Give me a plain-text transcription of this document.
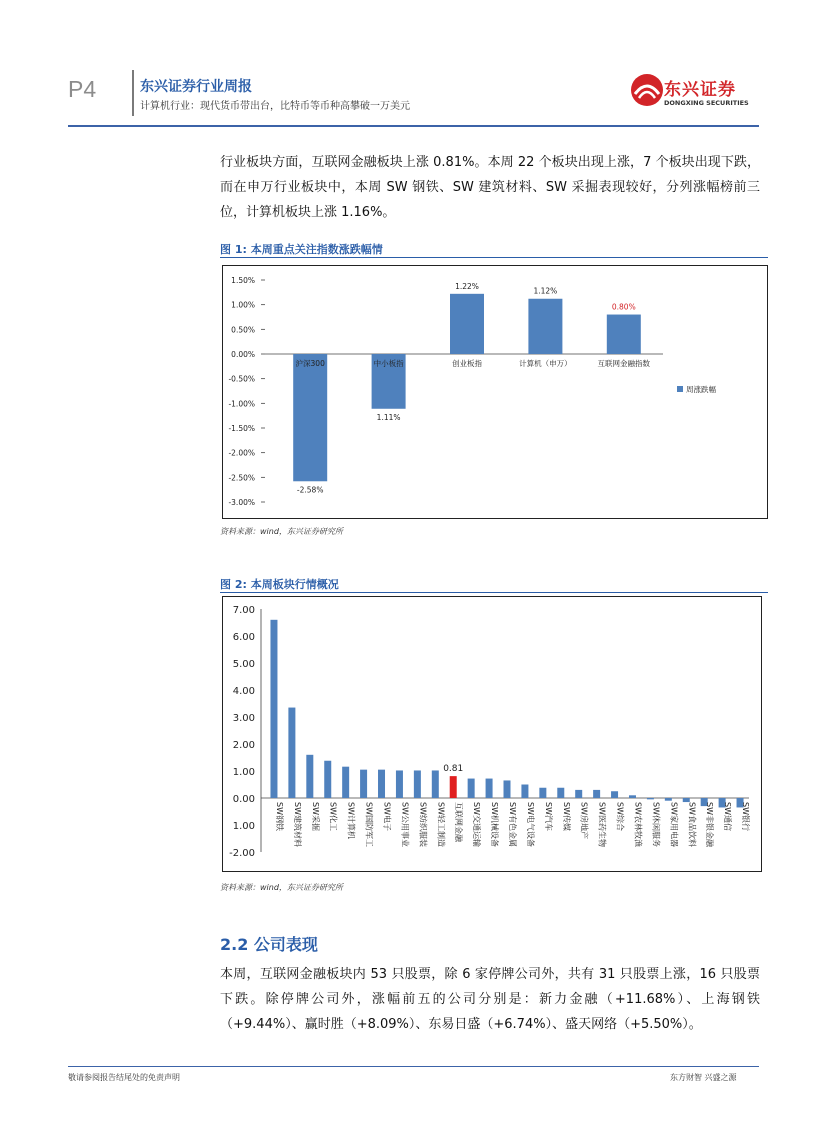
P4	东兴证券行业周报
计算机行业：现代货币带出台，比特币等币种高攀破一万美元
东兴证券
DONGXING SECURITIES
行业板块方面，互联网金融板块上涨 0.81%。本周 22 个板块出现上涨，7 个板块出现下跌，而在申万行业板块中，本周 SW 钢铁、SW 建筑材料、SW 采掘表现较好，分列涨幅榜前三位，计算机板块上涨 1.16%。
图 1: 本周重点关注指数涨跌幅情
1.50%
1.00%
0.50%
0.00%
-0.50%
-1.00%
-1.50%
-2.00%
-2.50%
-3.00%
-2.58%
沪深300
1.11%
中小板指
1.22%
创业板指
1.12%
计算机（申万）
0.80%
互联网金融指数
周涨跌幅
资料来源：wind，东兴证券研究所
图 2: 本周板块行情概况
7.00
6.00
5.00
4.00
3.00
2.00
1.00
0.00
1.00
-2.00
SW钢铁 SW建筑材料 SW采掘 SW化工 SW计算机 SW国防军工 SW电子 SW公用事业 SW纺织服装 SW轻工制造 互联网金融
0.81
SW交通运输 SW机械设备 SW有色金属 SW电气设备 SW汽车 SW传媒 SW房地产 SW医药生物 SW综合 SW农林牧渔 SW休闲服务 SW家用电器 SW食品饮料 SW非银金融 SW通信 SW银行
资料来源：wind，东兴证券研究所
2.2 公司表现
本周，互联网金融板块内 53 只股票，除 6 家停牌公司外，共有 31 只股票上涨，16 只股票下跌。除停牌公司外，涨幅前五的公司分别是：新力金融（+11.68%）、上海钢铁（+9.44%）、赢时胜（+8.09%）、东易日盛（+6.74%）、盛天网络（+5.50%）。
敬请参阅报告结尾处的免责声明	东方财智 兴盛之源
